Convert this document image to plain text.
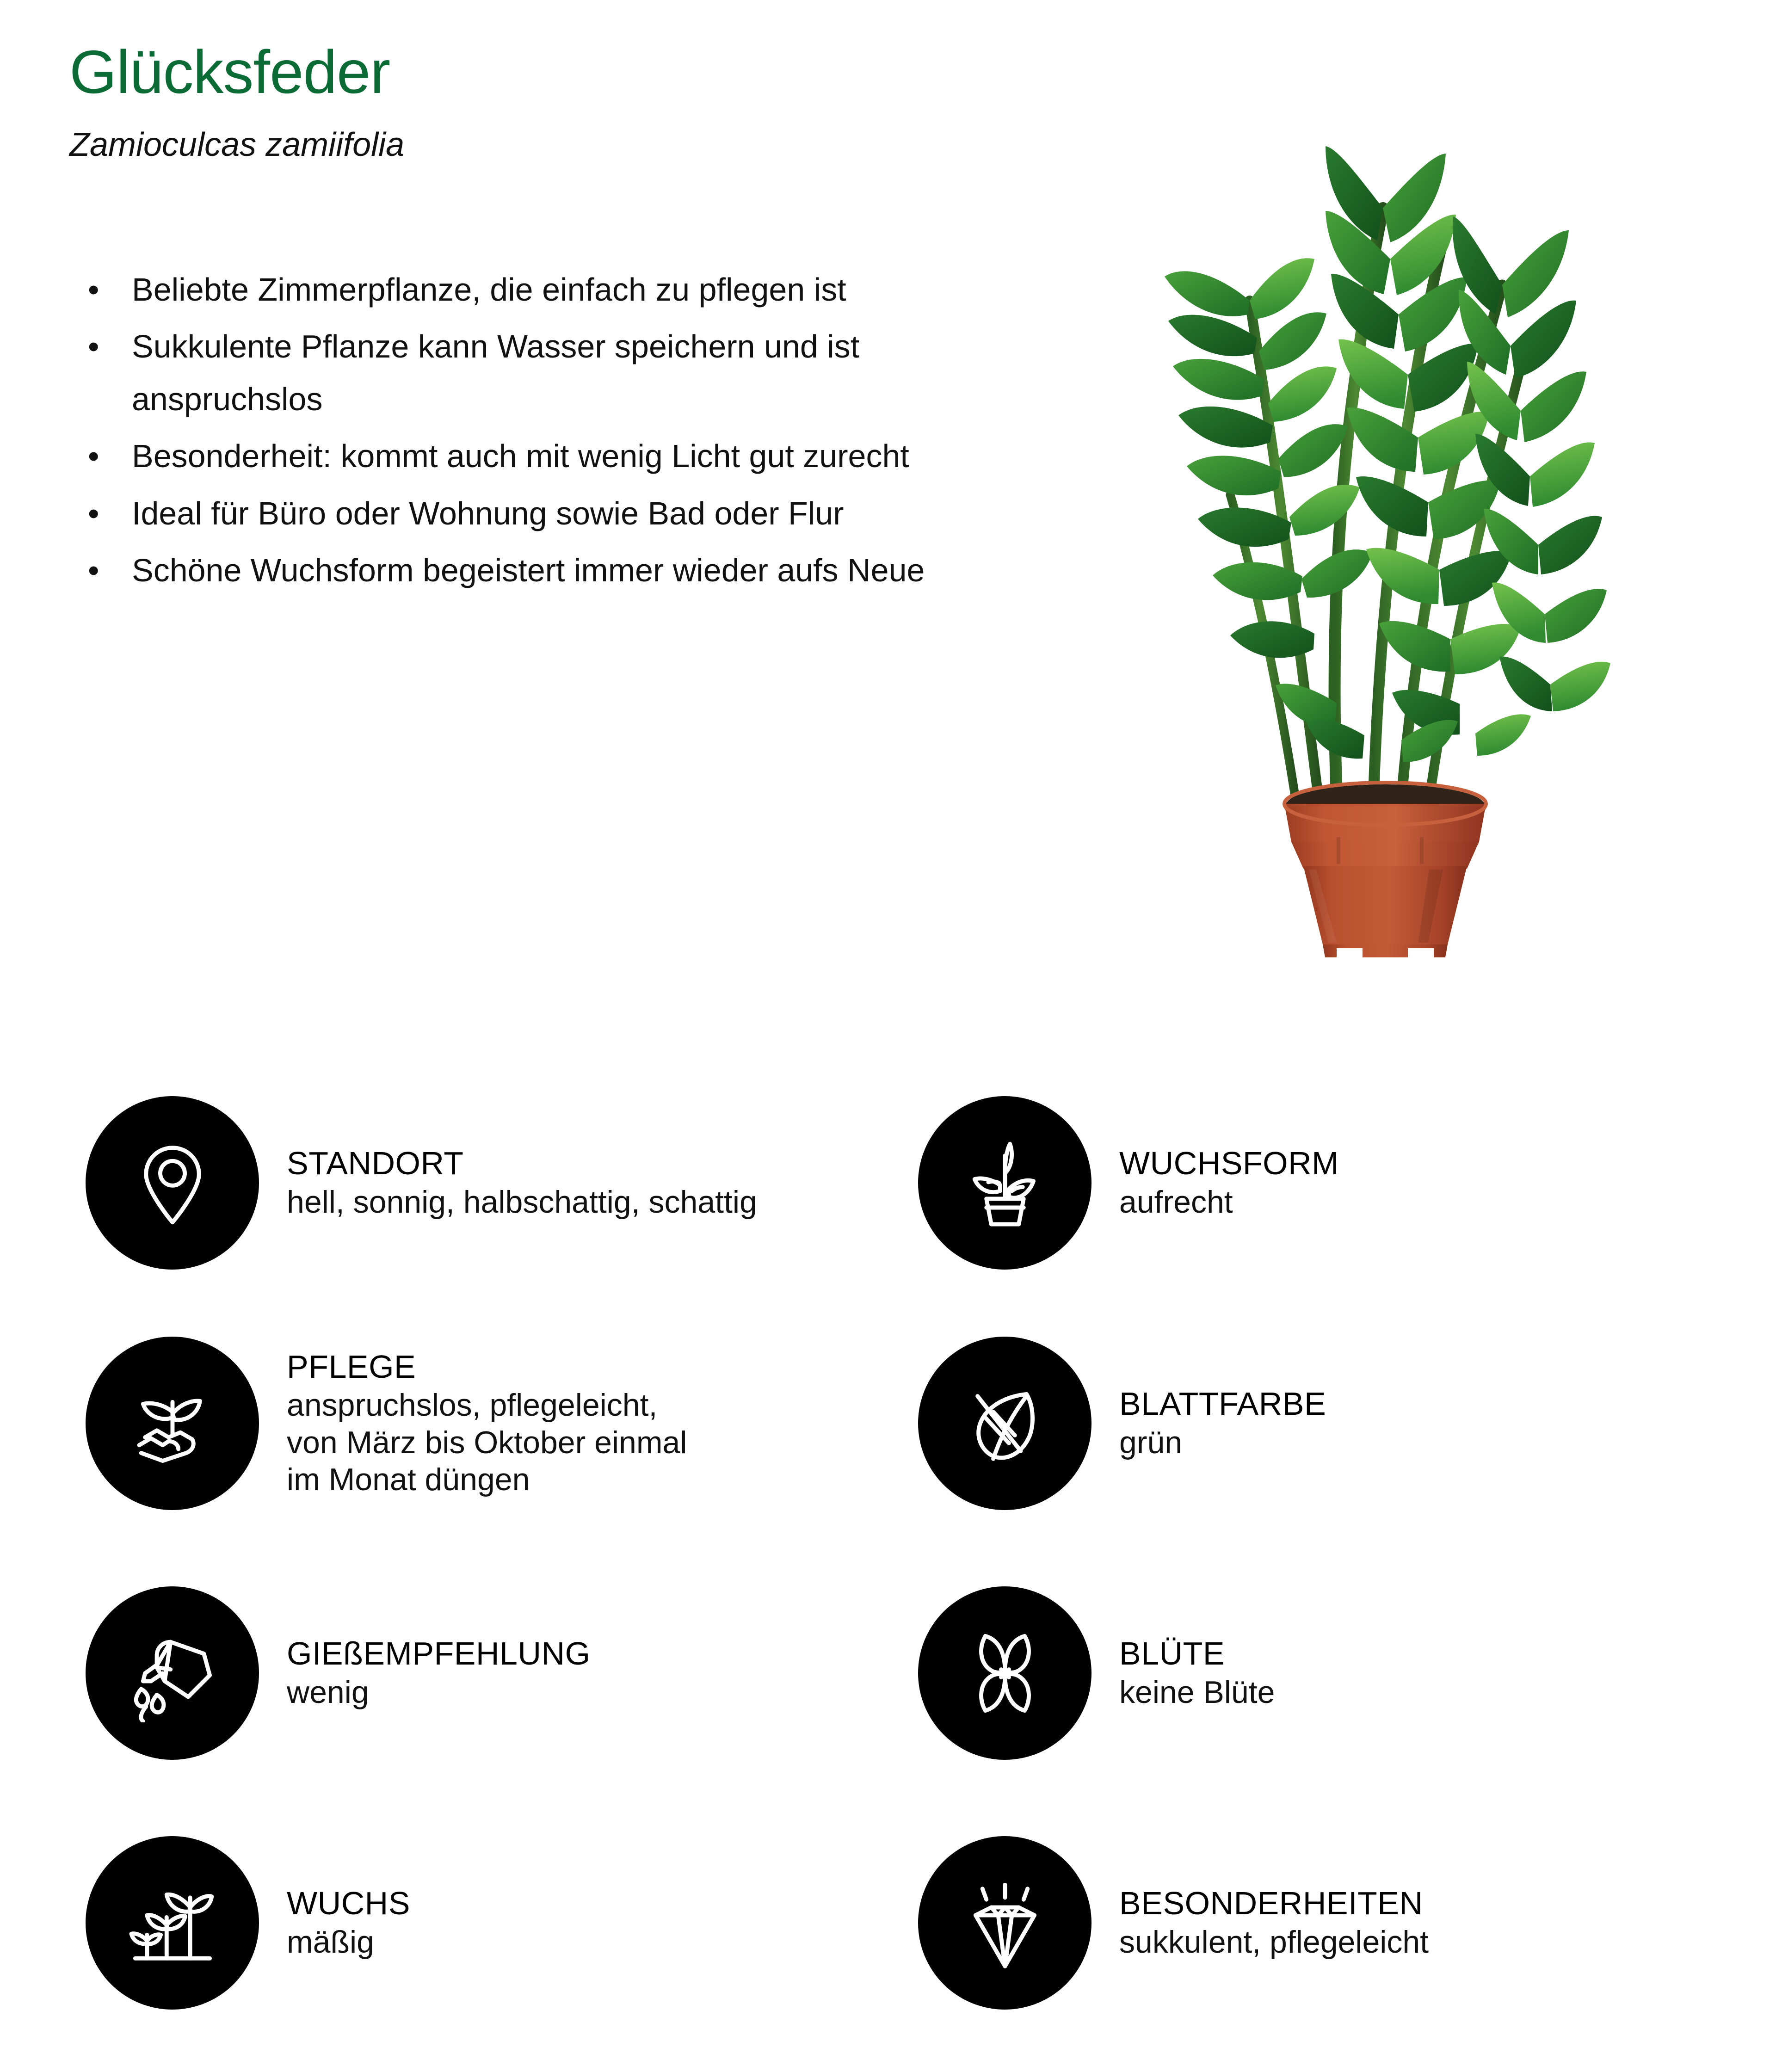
Glücksfeder
Zamioculcas zamiifolia
• Beliebte Zimmerpflanze, die einfach zu pflegen ist
• Sukkulente Pflanze kann Wasser speichern und ist anspruchslos
• Besonderheit: kommt auch mit wenig Licht gut zurecht
• Ideal für Büro oder Wohnung sowie Bad oder Flur
• Schöne Wuchsform begeistert immer wieder aufs Neue
STANDORT
hell, sonnig, halbschattig, schattig
WUCHSFORM
aufrecht
PFLEGE
anspruchslos, pflegeleicht,
von März bis Oktober einmal
im Monat düngen
BLATTFARBE
grün
GIEßEMPFEHLUNG
wenig
BLÜTE
keine Blüte
WUCHS
mäßig
BESONDERHEITEN
sukkulent, pflegeleicht
